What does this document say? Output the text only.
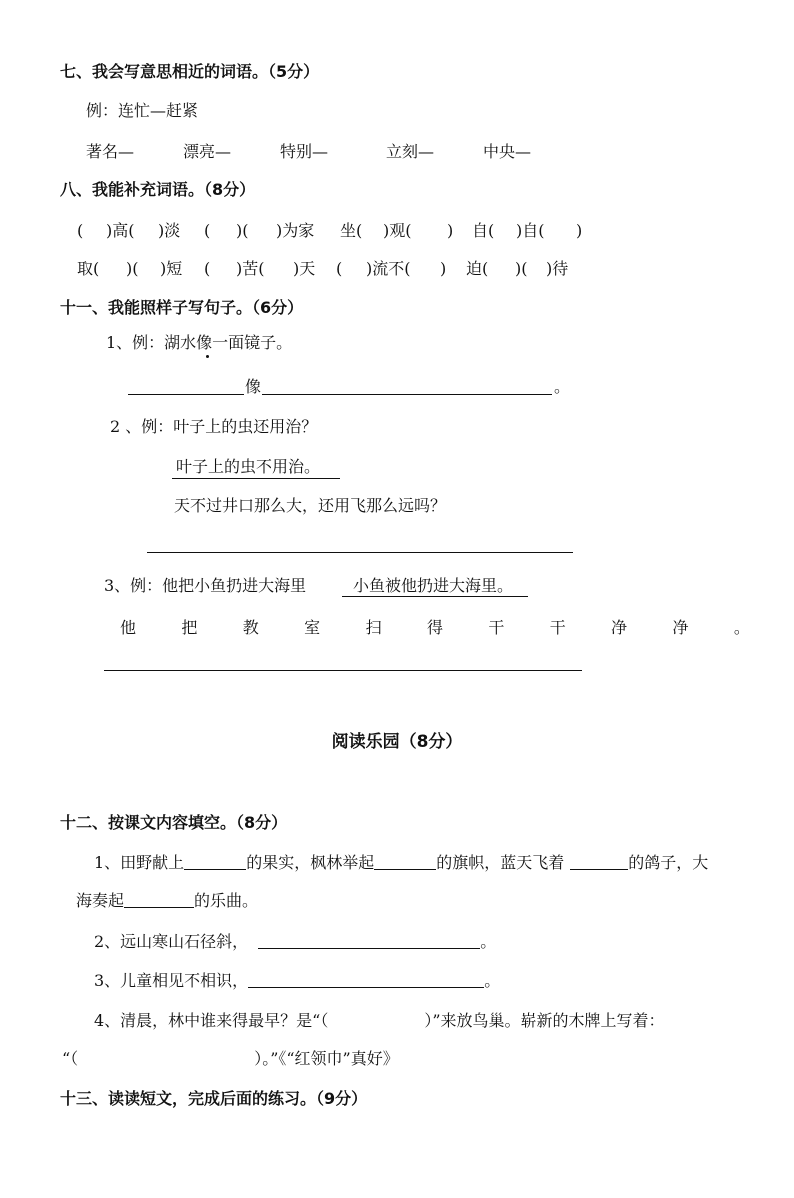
七、我会写意思相近的词语。（5分）
例：连忙—赶紧
著名—	漂亮—	特别—	立刻—	中央—
八、我能补充词语。（8分）
( )高( )淡 ( )( )为家 坐( )观( ) 自( )自( )
取( )( )短 ( )苦( )天 ( )流不( ) 迫( )( )待
十一、我能照样子写句子。（6分）
1、例：湖水像一面镜子。
像	。
2 、例：叶子上的虫还用治？
叶子上的虫不用治。
天不过井口那么大，还用飞那么远吗？
3、例：他把小鱼扔进大海里	小鱼被他扔进大海里。
他	把	教	室	扫	得	干	干	净	净	。
阅读乐园（8分）
十二、按课文内容填空。（8分）
1、田野献上	的果实，枫林举起	的旗帜，蓝天飞着	的鸽子，大
海奏起	的乐曲。
2、远山寒山石径斜，	。
3、儿童相见不相识，	。
4、清晨，林中谁来得最早？是“（	）”来放鸟巢。崭新的木牌上写着：
“（	）。”《“红领巾”真好》
十三、读读短文，完成后面的练习。（9分）
